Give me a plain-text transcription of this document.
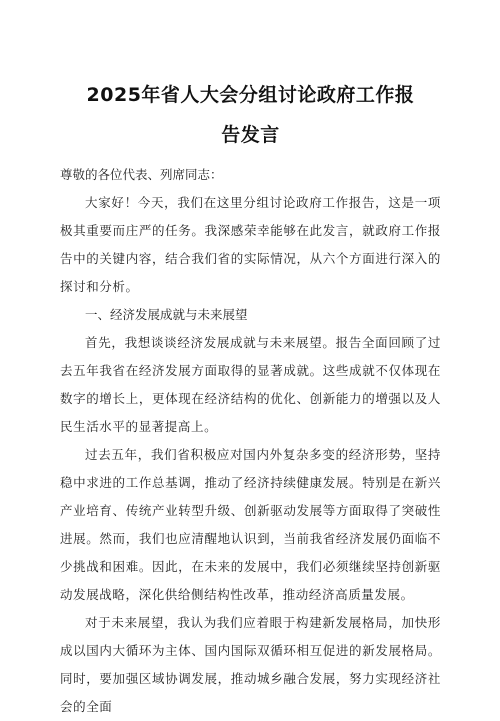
2025年省人大会分组讨论政府工作报
告发言

尊敬的各位代表、列席同志：

大家好！今天，我们在这里分组讨论政府工作报告，这是一项极其重要而庄严的任务。我深感荣幸能够在此发言，就政府工作报告中的关键内容，结合我们省的实际情况，从六个方面进行深入的探讨和分析。

一、经济发展成就与未来展望

首先，我想谈谈经济发展成就与未来展望。报告全面回顾了过去五年我省在经济发展方面取得的显著成就。这些成就不仅体现在数字的增长上，更体现在经济结构的优化、创新能力的增强以及人民生活水平的显著提高上。

过去五年，我们省积极应对国内外复杂多变的经济形势，坚持稳中求进的工作总基调，推动了经济持续健康发展。特别是在新兴产业培育、传统产业转型升级、创新驱动发展等方面取得了突破性进展。然而，我们也应清醒地认识到，当前我省经济发展仍面临不少挑战和困难。因此，在未来的发展中，我们必须继续坚持创新驱动发展战略，深化供给侧结构性改革，推动经济高质量发展。

对于未来展望，我认为我们应着眼于构建新发展格局，加快形成以国内大循环为主体、国内国际双循环相互促进的新发展格局。同时，要加强区域协调发展，推动城乡融合发展，努力实现经济社会的全面
